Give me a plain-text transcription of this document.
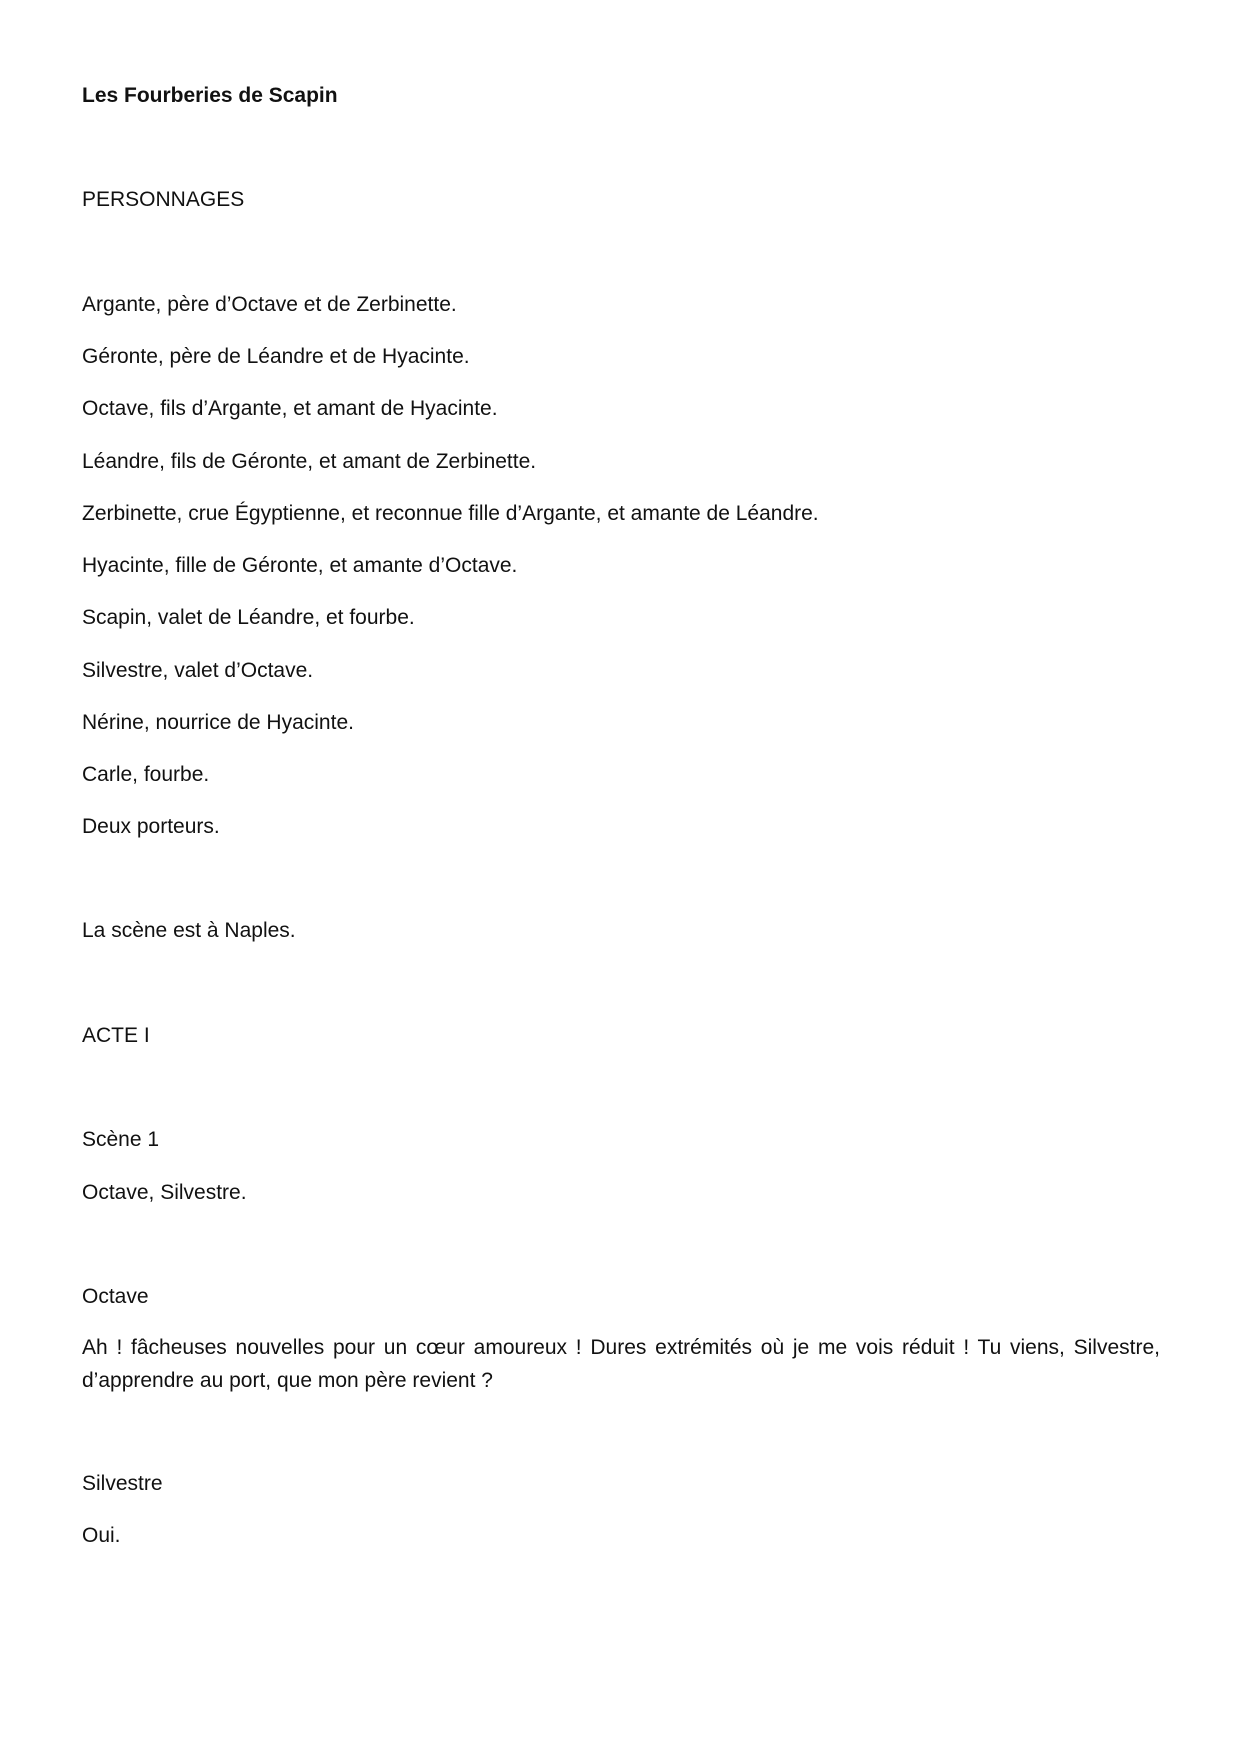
Les Fourberies de Scapin

PERSONNAGES

Argante, père d’Octave et de Zerbinette.

Géronte, père de Léandre et de Hyacinte.

Octave, fils d’Argante, et amant de Hyacinte.

Léandre, fils de Géronte, et amant de Zerbinette.

Zerbinette, crue Égyptienne, et reconnue fille d’Argante, et amante de Léandre.

Hyacinte, fille de Géronte, et amante d’Octave.

Scapin, valet de Léandre, et fourbe.

Silvestre, valet d’Octave.

Nérine, nourrice de Hyacinte.

Carle, fourbe.

Deux porteurs.

La scène est à Naples.

ACTE I

Scène 1

Octave, Silvestre.

Octave

Ah ! fâcheuses nouvelles pour un cœur amoureux ! Dures extrémités où je me vois réduit ! Tu viens, Silvestre, d’apprendre au port, que mon père revient ?

Silvestre

Oui.
